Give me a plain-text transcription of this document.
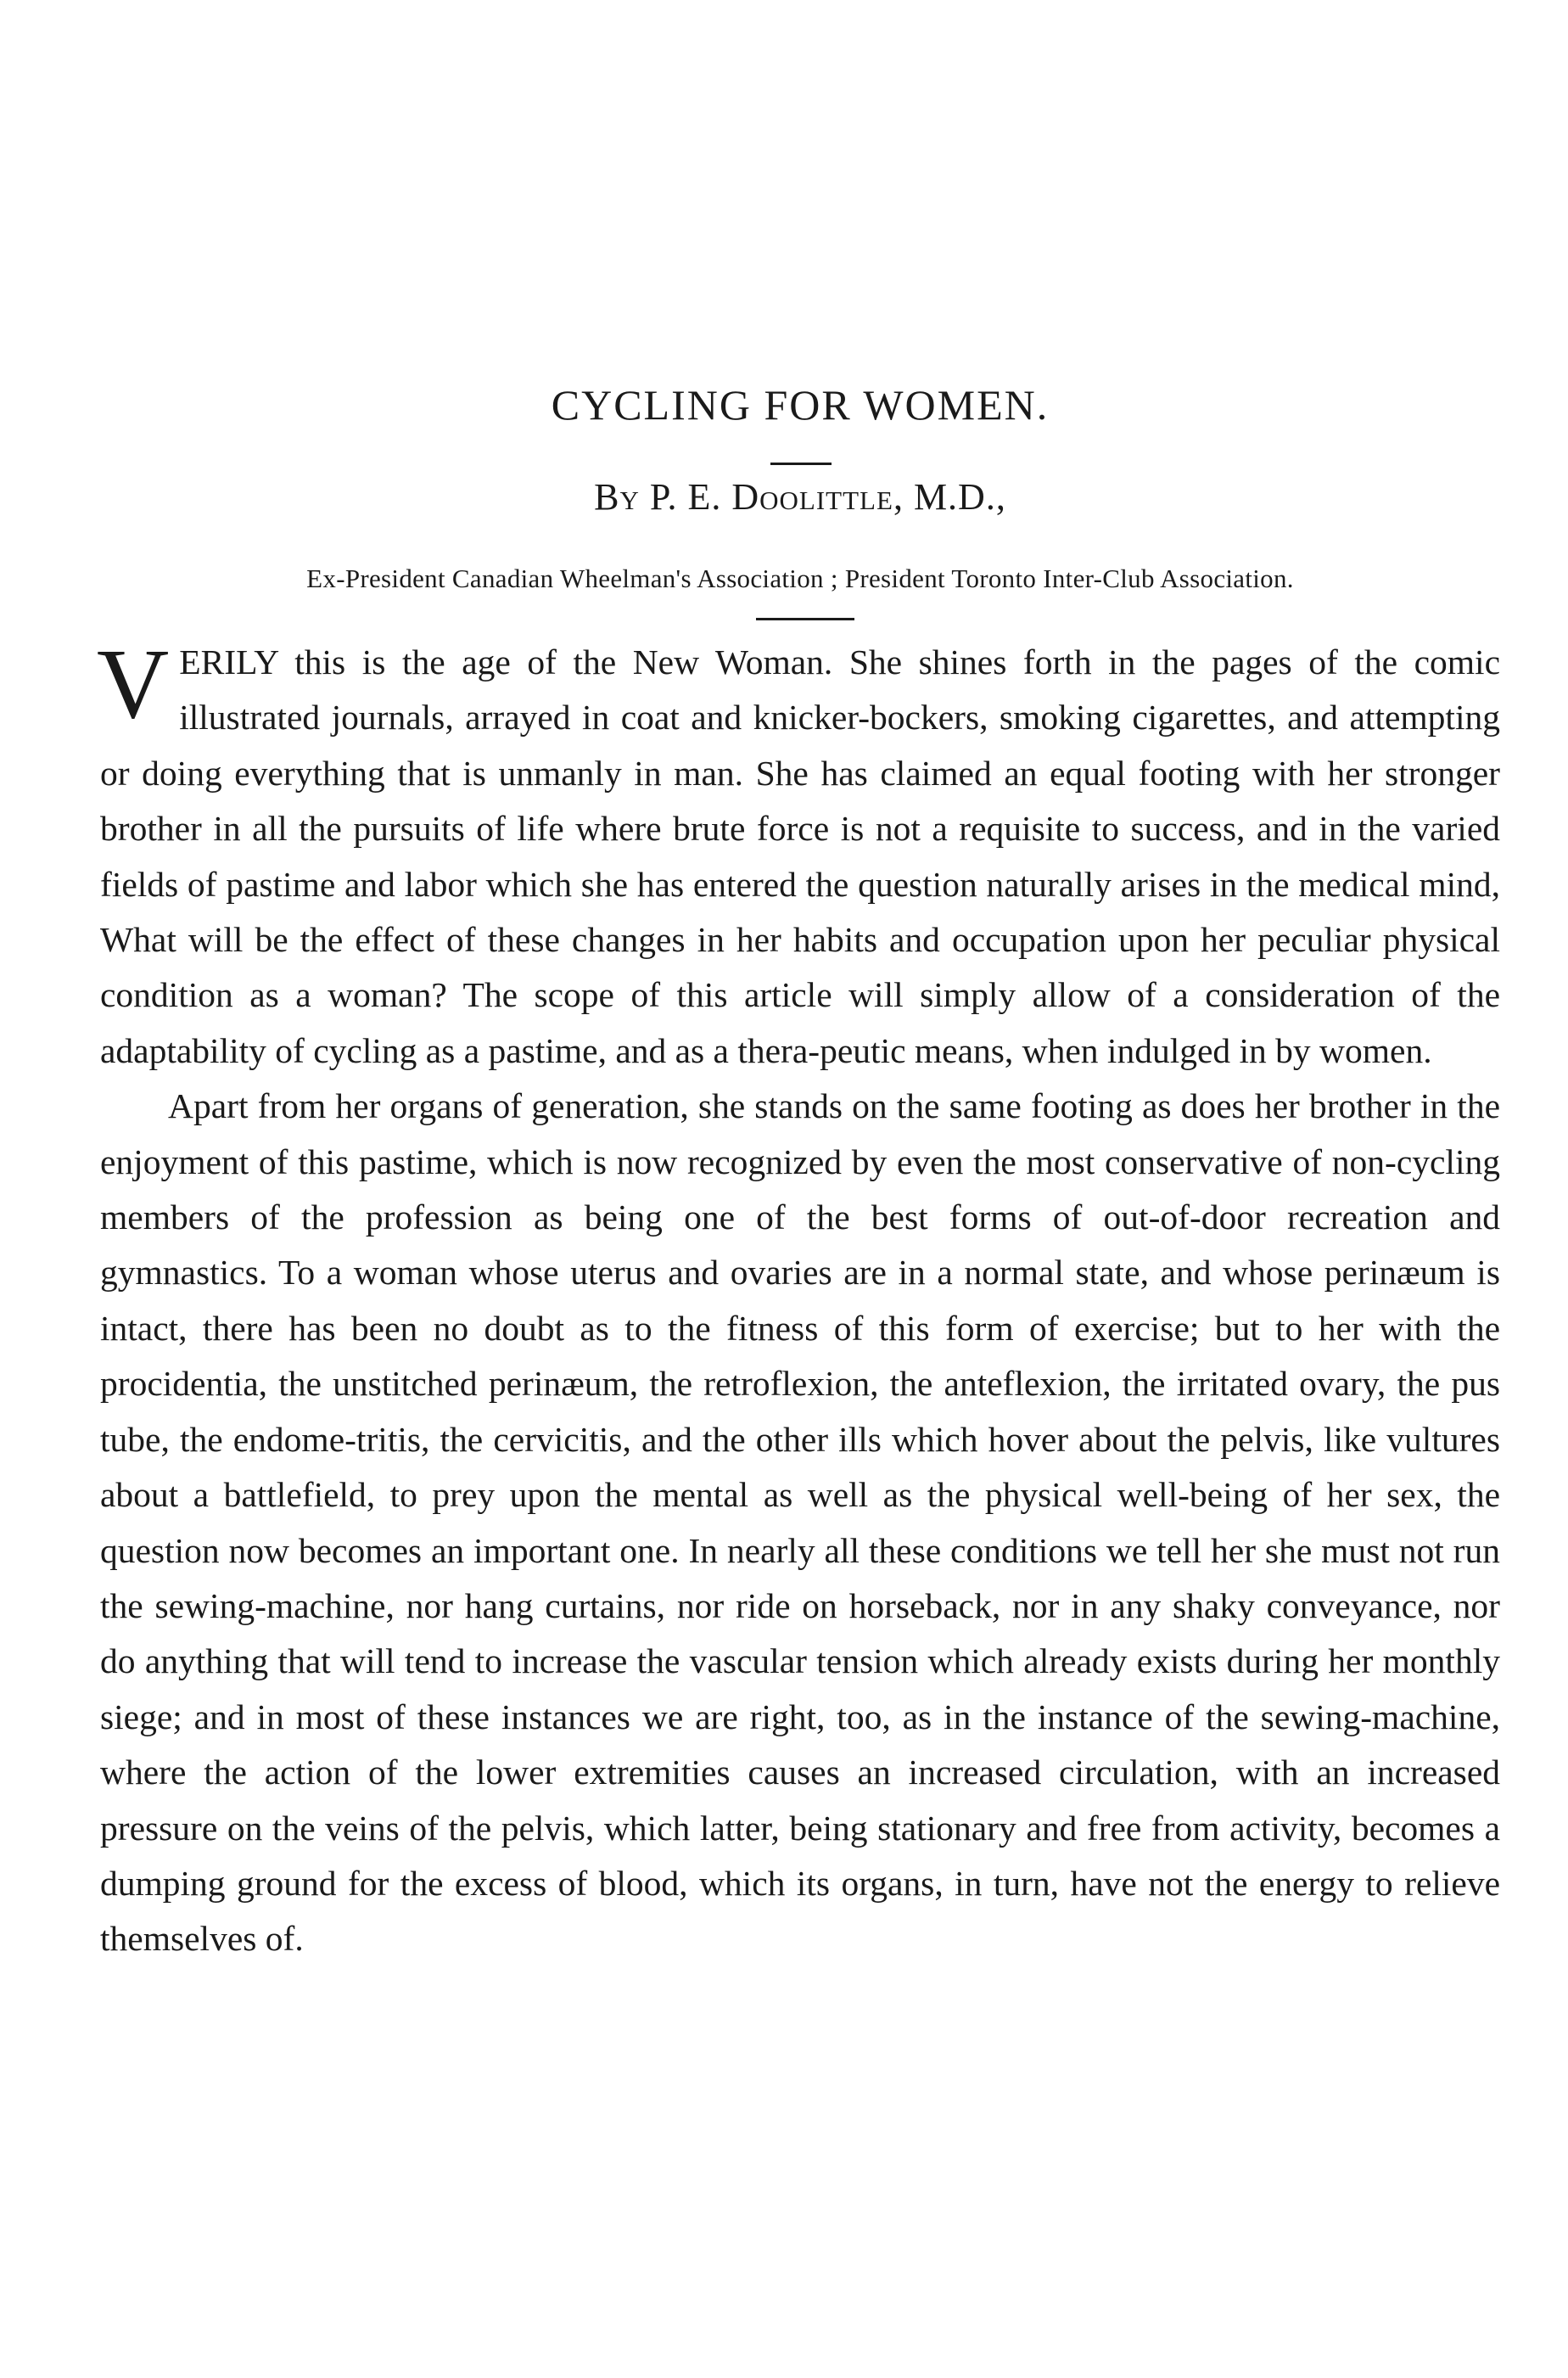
CYCLING FOR WOMEN.
By P. E. Doolittle, M.D.,
Ex-President Canadian Wheelman's Association ; President Toronto Inter-Club Association.

VERILY this is the age of the New Woman. She shines forth in the pages of the comic illustrated journals, arrayed in coat and knicker-bockers, smoking cigarettes, and attempting or doing everything that is unmanly in man. She has claimed an equal footing with her stronger brother in all the pursuits of life where brute force is not a requisite to success, and in the varied fields of pastime and labor which she has entered the question naturally arises in the medical mind, What will be the effect of these changes in her habits and occupation upon her peculiar physical condition as a woman? The scope of this article will simply allow of a consideration of the adaptability of cycling as a pastime, and as a thera-peutic means, when indulged in by women.

Apart from her organs of generation, she stands on the same footing as does her brother in the enjoyment of this pastime, which is now recognized by even the most conservative of non-cycling members of the profession as being one of the best forms of out-of-door recreation and gymnastics. To a woman whose uterus and ovaries are in a normal state, and whose perinæum is intact, there has been no doubt as to the fitness of this form of exercise; but to her with the procidentia, the unstitched perinæum, the retroflexion, the anteflexion, the irritated ovary, the pus tube, the endome-tritis, the cervicitis, and the other ills which hover about the pelvis, like vultures about a battlefield, to prey upon the mental as well as the physical well-being of her sex, the question now becomes an important one. In nearly all these conditions we tell her she must not run the sewing-machine, nor hang curtains, nor ride on horseback, nor in any shaky conveyance, nor do anything that will tend to increase the vascular tension which already exists during her monthly siege; and in most of these instances we are right, too, as in the instance of the sewing-machine, where the action of the lower extremities causes an increased circulation, with an increased pressure on the veins of the pelvis, which latter, being stationary and free from activity, becomes a dumping ground for the excess of blood, which its organs, in turn, have not the energy to relieve themselves of.
